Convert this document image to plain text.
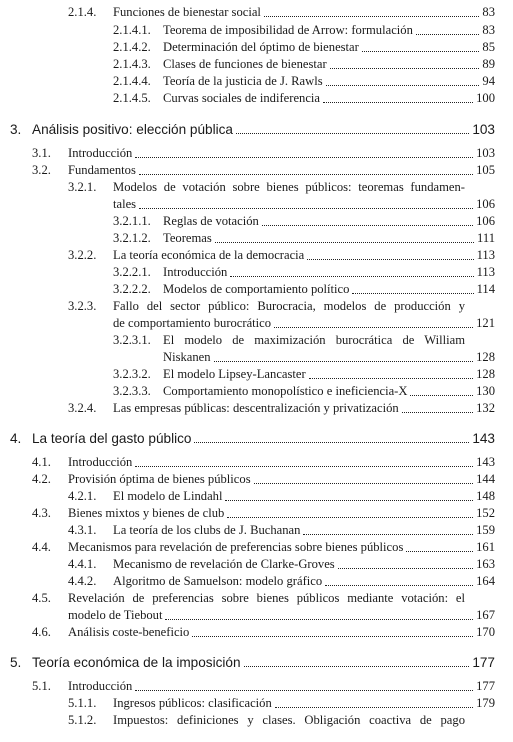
2.1.4.	Funciones de bienestar social	83
2.1.4.1. Teorema de imposibilidad de Arrow: formulación	83
2.1.4.2. Determinación del óptimo de bienestar	85
2.1.4.3. Clases de funciones de bienestar	89
2.1.4.4. Teoría de la justicia de J. Rawls	94
2.1.4.5. Curvas sociales de indiferencia	100
3. Análisis positivo: elección pública	103
3.1.	Introducción	103
3.2.	Fundamentos	105
3.2.1.	Modelos de votación sobre bienes públicos: teoremas fundamen-
tales	106
3.2.1.1. Reglas de votación	106
3.2.1.2. Teoremas	111
3.2.2.	La teoría económica de la democracia	113
3.2.2.1. Introducción	113
3.2.2.2. Modelos de comportamiento político	114
3.2.3.	Fallo del sector público: Burocracia, modelos de producción y
de comportamiento burocrático	121
3.2.3.1. El modelo de maximización burocrática de William
Niskanen	128
3.2.3.2. El modelo Lipsey-Lancaster	128
3.2.3.3. Comportamiento monopolístico e ineficiencia-X	130
3.2.4.	Las empresas públicas: descentralización y privatización	132
4. La teoría del gasto público	143
4.1.	Introducción	143
4.2.	Provisión óptima de bienes públicos	144
4.2.1.	El modelo de Lindahl	148
4.3.	Bienes mixtos y bienes de club	152
4.3.1.	La teoría de los clubs de J. Buchanan	159
4.4.	Mecanismos para revelación de preferencias sobre bienes públicos	161
4.4.1.	Mecanismo de revelación de Clarke-Groves	163
4.4.2.	Algoritmo de Samuelson: modelo gráfico	164
4.5.	Revelación de preferencias sobre bienes públicos mediante votación: el
modelo de Tiebout	167
4.6.	Análisis coste-beneficio	170
5. Teoría económica de la imposición	177
5.1.	Introducción	177
5.1.1.	Ingresos públicos: clasificación	179
5.1.2.	Impuestos: definiciones y clases. Obligación coactiva de pago
